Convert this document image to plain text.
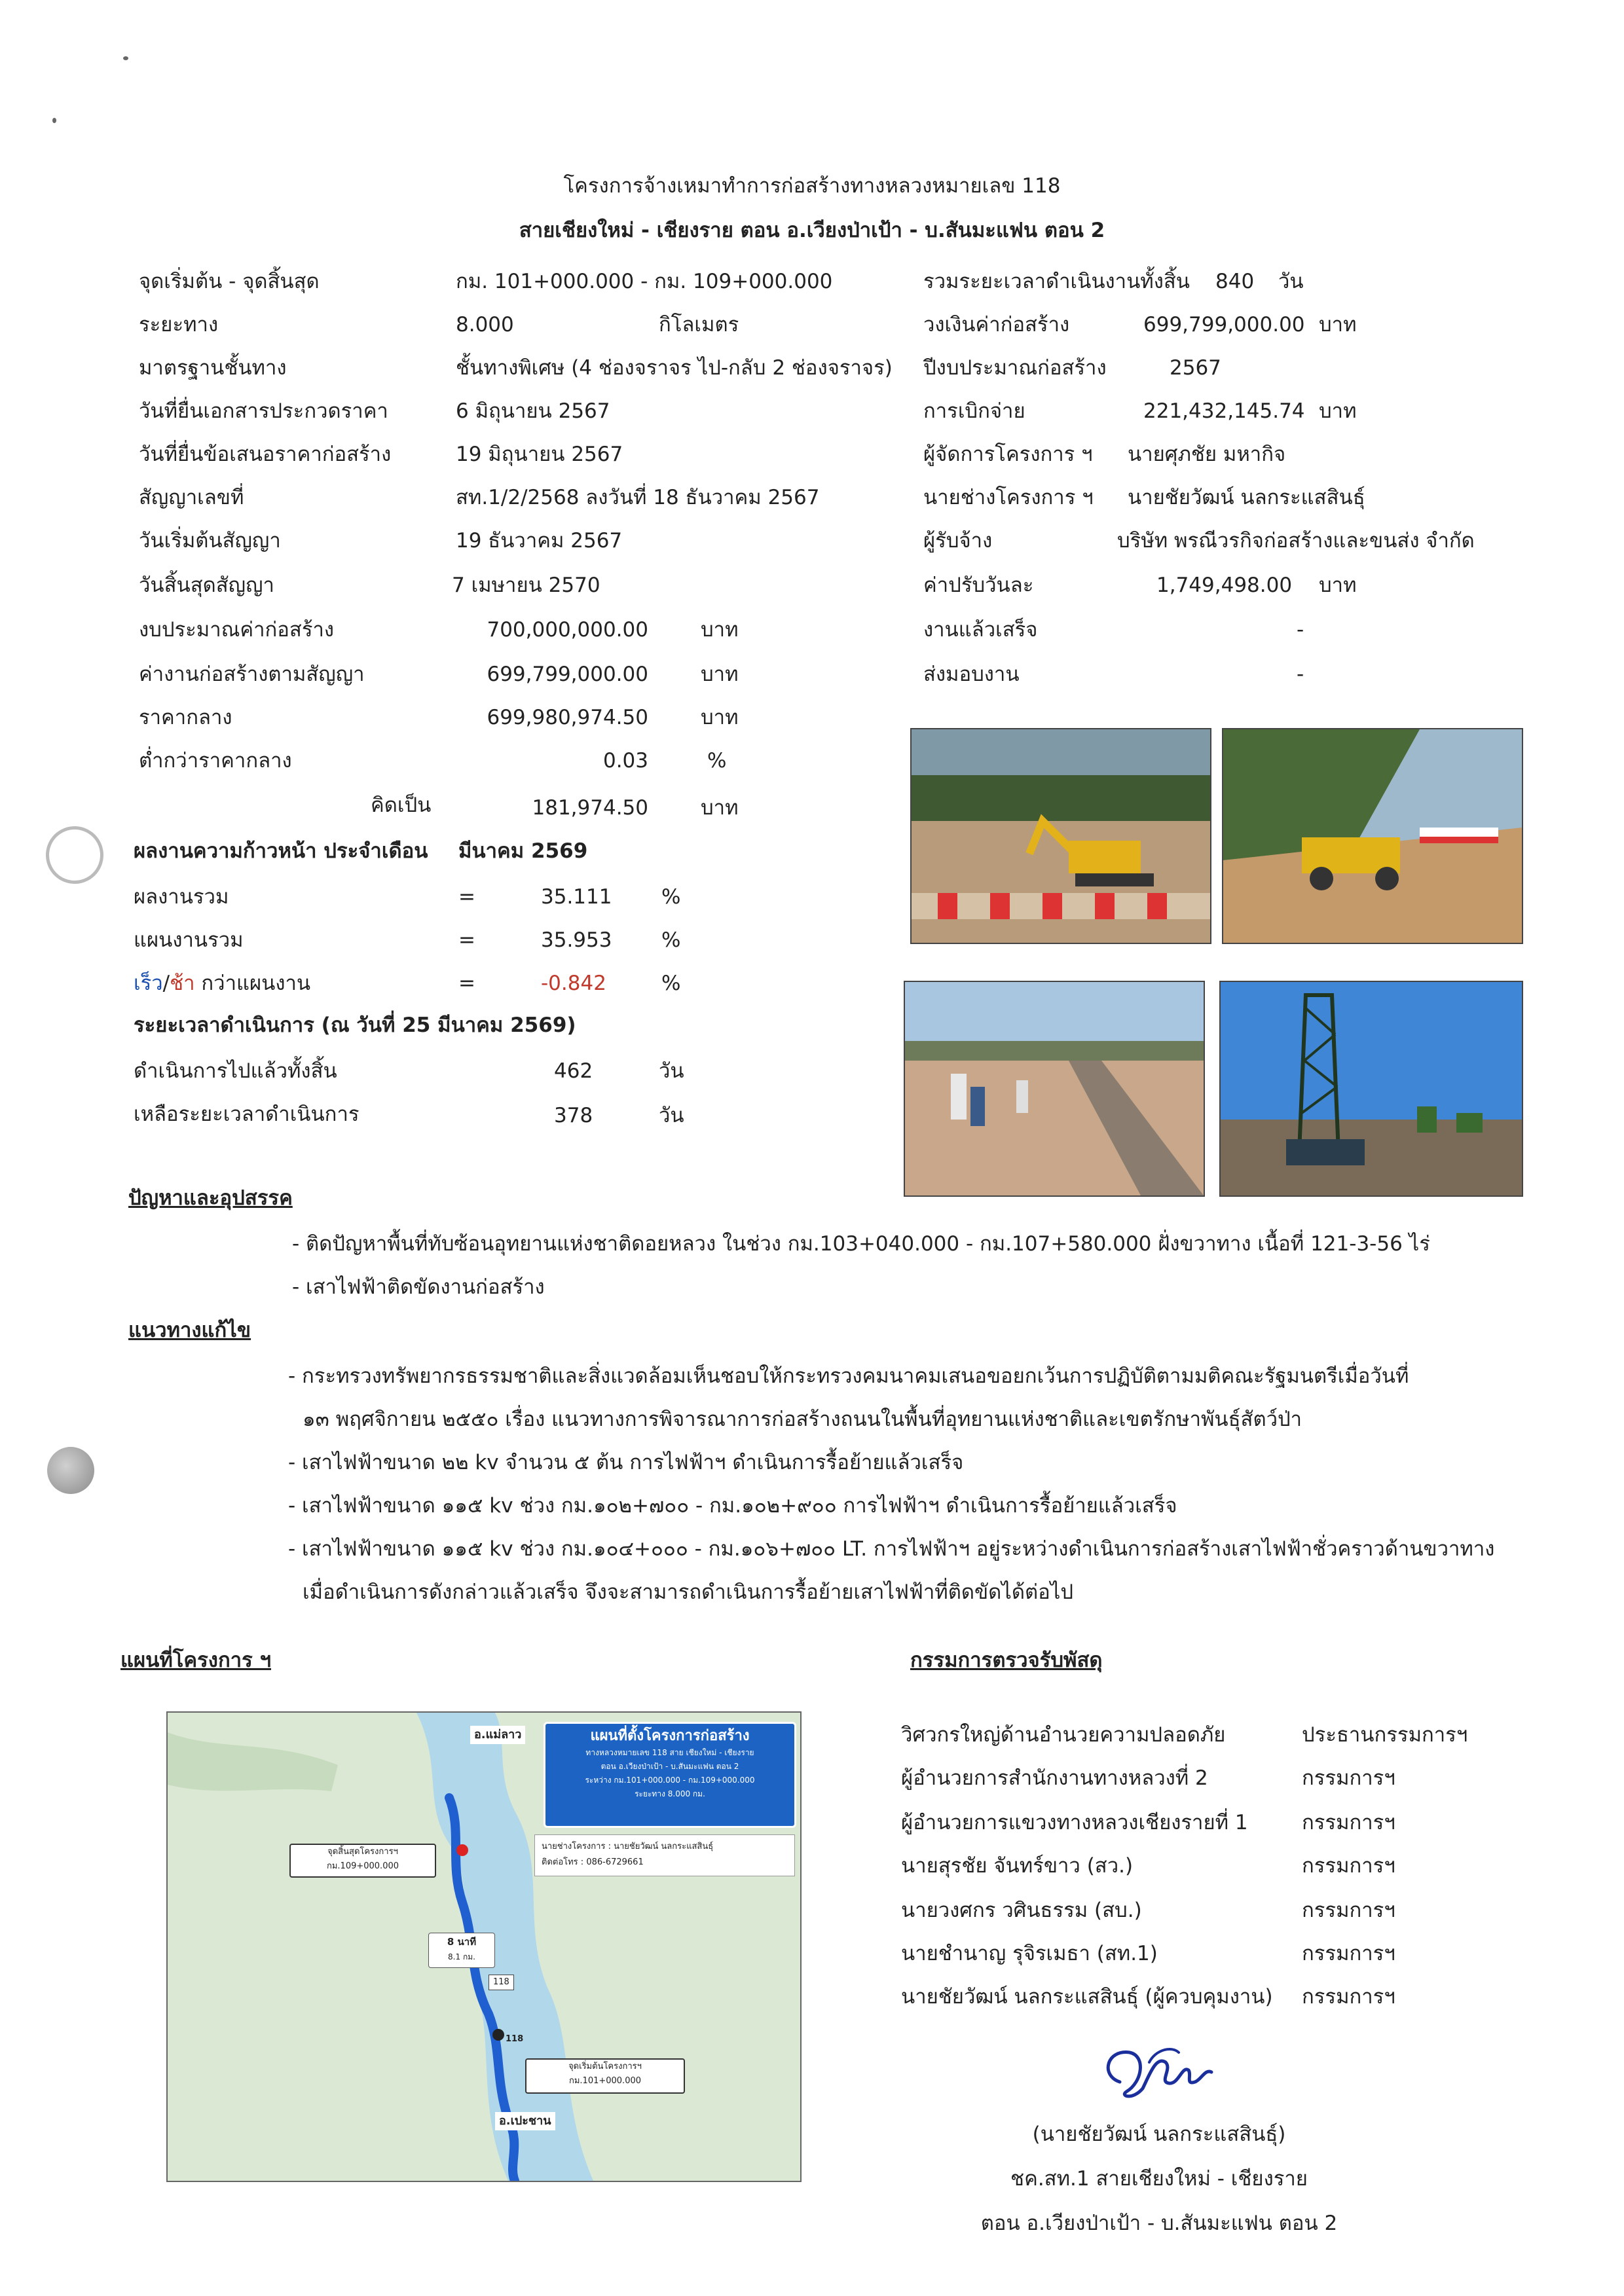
โครงการจ้างเหมาทำการก่อสร้างทางหลวงหมายเลข 118
สายเชียงใหม่ - เชียงราย ตอน อ.เวียงป่าเป้า - บ.สันมะแฟน ตอน 2
จุดเริ่มต้น - จุดสิ้นสุด	กม. 101+000.000 - กม. 109+000.000
ระยะทาง	8.000	กิโลเมตร
มาตรฐานชั้นทาง	ชั้นทางพิเศษ (4 ช่องจราจร ไป-กลับ 2 ช่องจราจร)
วันที่ยื่นเอกสารประกวดราคา	6 มิถุนายน 2567
วันที่ยื่นข้อเสนอราคาก่อสร้าง	19 มิถุนายน 2567
สัญญาเลขที่	สท.1/2/2568 ลงวันที่ 18 ธันวาคม 2567
วันเริ่มต้นสัญญา	19 ธันวาคม 2567
วันสิ้นสุดสัญญา	7 เมษายน 2570
รวมระยะเวลาดำเนินงานทั้งสิ้น 840 วัน
วงเงินค่าก่อสร้าง	699,799,000.00 บาท
ปีงบประมาณก่อสร้าง	2567
การเบิกจ่าย	221,432,145.74 บาท
ผู้จัดการโครงการ ฯ นายศุภชัย มหากิจ
นายช่างโครงการ ฯ นายชัยวัฒน์ นลกระแสสินธุ์
ผู้รับจ้าง	บริษัท พรณีวรกิจก่อสร้างและขนส่ง จำกัด
ค่าปรับวันละ	1,749,498.00 บาท
งานแล้วเสร็จ	-
ส่งมอบงาน	-
งบประมาณค่าก่อสร้าง	700,000,000.00	บาท
ค่างานก่อสร้างตามสัญญา	699,799,000.00	บาท
ราคากลาง	699,980,974.50	บาท
ต่ำกว่าราคากลาง	0.03	%
คิดเป็น	181,974.50	บาท
ผลงานความก้าวหน้า ประจำเดือน มีนาคม 2569
ผลงานรวม	=	35.111 %
แผนงานรวม	=	35.953 %
เร็ว/ช้า กว่าแผนงาน	=	-0.842	%
ระยะเวลาดำเนินการ (ณ วันที่ 25 มีนาคม 2569)
ดำเนินการไปแล้วทั้งสิ้น	462	วัน
เหลือระยะเวลาดำเนินการ	378	วัน
ปัญหาและอุปสรรค
- ติดปัญหาพื้นที่ทับซ้อนอุทยานแห่งชาติดอยหลวง ในช่วง กม.103+040.000 - กม.107+580.000 ฝั่งขวาทาง เนื้อที่ 121-3-56 ไร่
- เสาไฟฟ้าติดขัดงานก่อสร้าง
แนวทางแก้ไข
- กระทรวงทรัพยากรธรรมชาติและสิ่งแวดล้อมเห็นชอบให้กระทรวงคมนาคมเสนอขอยกเว้นการปฏิบัติตามมติคณะรัฐมนตรีเมื่อวันที่
๑๓ พฤศจิกายน ๒๕๕๐ เรื่อง แนวทางการพิจารณาการก่อสร้างถนนในพื้นที่อุทยานแห่งชาติและเขตรักษาพันธุ์สัตว์ป่า
- เสาไฟฟ้าขนาด ๒๒ kv จำนวน ๕ ต้น การไฟฟ้าฯ ดำเนินการรื้อย้ายแล้วเสร็จ
- เสาไฟฟ้าขนาด ๑๑๕ kv ช่วง กม.๑๐๒+๗๐๐ - กม.๑๐๒+๙๐๐ การไฟฟ้าฯ ดำเนินการรื้อย้ายแล้วเสร็จ
- เสาไฟฟ้าขนาด ๑๑๕ kv ช่วง กม.๑๐๔+๐๐๐ - กม.๑๐๖+๗๐๐ LT. การไฟฟ้าฯ อยู่ระหว่างดำเนินการก่อสร้างเสาไฟฟ้าชั่วคราวด้านขวาทาง
เมื่อดำเนินการดังกล่าวแล้วเสร็จ จึงจะสามารถดำเนินการรื้อย้ายเสาไฟฟ้าที่ติดขัดได้ต่อไป
แผนที่โครงการ ฯ
แผนที่ตั้งโครงการก่อสร้าง
ทางหลวงหมายเลข 118 สาย เชียงใหม่ - เชียงราย
ตอน อ.เวียงป่าเป้า - บ.สันมะแฟน ตอน 2
ระหว่าง กม.101+000.000 - กม.109+000.000
ระยะทาง 8.000 กม.
นายช่างโครงการ : นายชัยวัฒน์ นลกระแสสินธุ์
ติดต่อโทร : 086-6729661
จุดสิ้นสุดโครงการฯ
กม.109+000.000
จุดเริ่มต้นโครงการฯ
กม.101+000.000
8 นาที
8.1 กม.
118
118
อ.แม่ลาว
อ.เปะชาน
กรรมการตรวจรับพัสดุ
วิศวกรใหญ่ด้านอำนวยความปลอดภัย	ประธานกรรมการฯ
ผู้อำนวยการสำนักงานทางหลวงที่ 2	กรรมการฯ
ผู้อำนวยการแขวงทางหลวงเชียงรายที่ 1	กรรมการฯ
นายสุรชัย จันทร์ขาว (สว.)	กรรมการฯ
นายวงศกร วศินธรรม (สบ.)	กรรมการฯ
นายชำนาญ รุจิรเมธา (สท.1)	กรรมการฯ
นายชัยวัฒน์ นลกระแสสินธุ์ (ผู้ควบคุมงาน) กรรมการฯ
(นายชัยวัฒน์ นลกระแสสินธุ์)
ชค.สท.1 สายเชียงใหม่ - เชียงราย
ตอน อ.เวียงป่าเป้า - บ.สันมะแฟน ตอน 2
